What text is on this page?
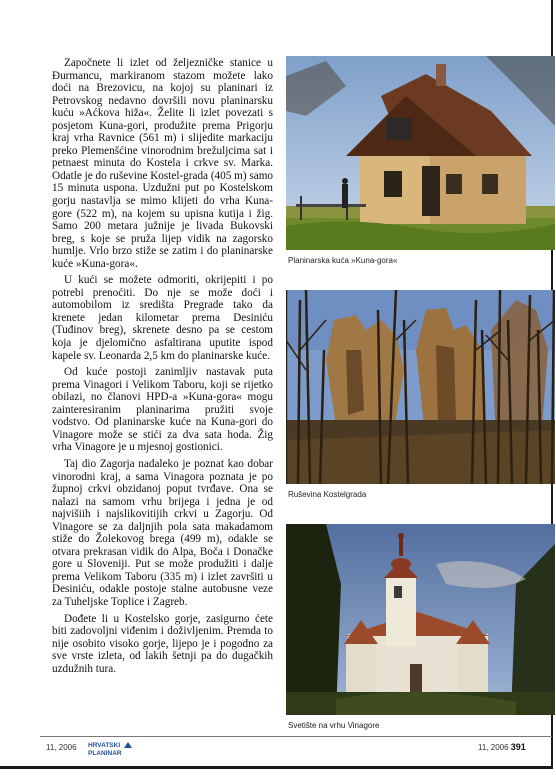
Započnete li izlet od željezničke stanice u Đurmancu, markiranom stazom možete lako doći na Brezovicu, na kojoj su planinari iz Petrovskog nedavno dovršili novu planinarsku kuću »Aćkova hiža«. Želite li izlet povezati s posjetom Kuna-gori, produžite prema Prigorju kraj vrha Ravnice (561 m) i slijedite markaciju preko Plemenšćine vinorodnim brežuljcima sat i petnaest minuta do Kostela i crkve sv. Marka. Odatle je do ruševine Kostel-grada (405 m) samo 15 minuta uspona. Uzdužni put po Kostelskom gorju nastavlja se mimo klijeti do vrha Kuna-gore (522 m), na kojem su upisna kutija i žig. Samo 200 metara južnije je livada Bukovski breg, s koje se pruža lijep vidik na zagorsko humlje. Vrlo brzo stiže se zatim i do planinarske kuće »Kuna-gora«.

U kući se možete odmoriti, okrijepiti i po potrebi prenoćiti. Do nje se može doći i automobilom iz središta Pregrade tako da krenete jedan kilometar prema Desiniću (Tuđinov breg), skrenete desno pa se cestom koja je djelomično asfaltirana uputite ispod kapele sv. Leonarda 2,5 km do planinarske kuće.

Od kuće postoji zanimljiv nastavak puta prema Vinagori i Velikom Taboru, koji se rijetko obilazi, no članovi HPD-a »Kuna-gora« mogu zainteresiranim planinarima pružiti svoje vodstvo. Od planinarske kuće na Kuna-gori do Vinagore može se stići za dva sata hoda. Žig vrha Vinagore je u mjesnoj gostionici.

Taj dio Zagorja nadaleko je poznat kao dobar vinorodni kraj, a sama Vinagora poznata je po župnoj crkvi obzidanoj poput tvrđave. Ona se nalazi na samom vrhu brijega i jedna je od najvišiih i najslikovitijih crkvi u Zagorju. Od Vinagore se za daljnjih pola sata makadamom stiže do Žolekovog brega (499 m), odakle se otvara prekrasan vidik do Alpa, Boča i Donačke gore u Sloveniji. Put se može produžiti i dalje prema Velikom Taboru (335 m) i izlet završiti u Desiniću, odakle postoje stalne autobusne veze za Tuheljske Toplice i Zagreb.

Dođete li u Kostelsko gorje, zasigurno ćete biti zadovoljni viđenim i doživljenim. Premda to nije osobito visoko gorje, lijepo je i pogodno za sve vrste izleta, od lakih šetnji pa do dugačkih uzdužnih tura.

Planinarska kuća »Kuna-gora«
Ruševina Kostelgrada
Svetište na vrhu Vinagore
11, 2006 HRVATSKI
PLANINAR
11, 2006 391
